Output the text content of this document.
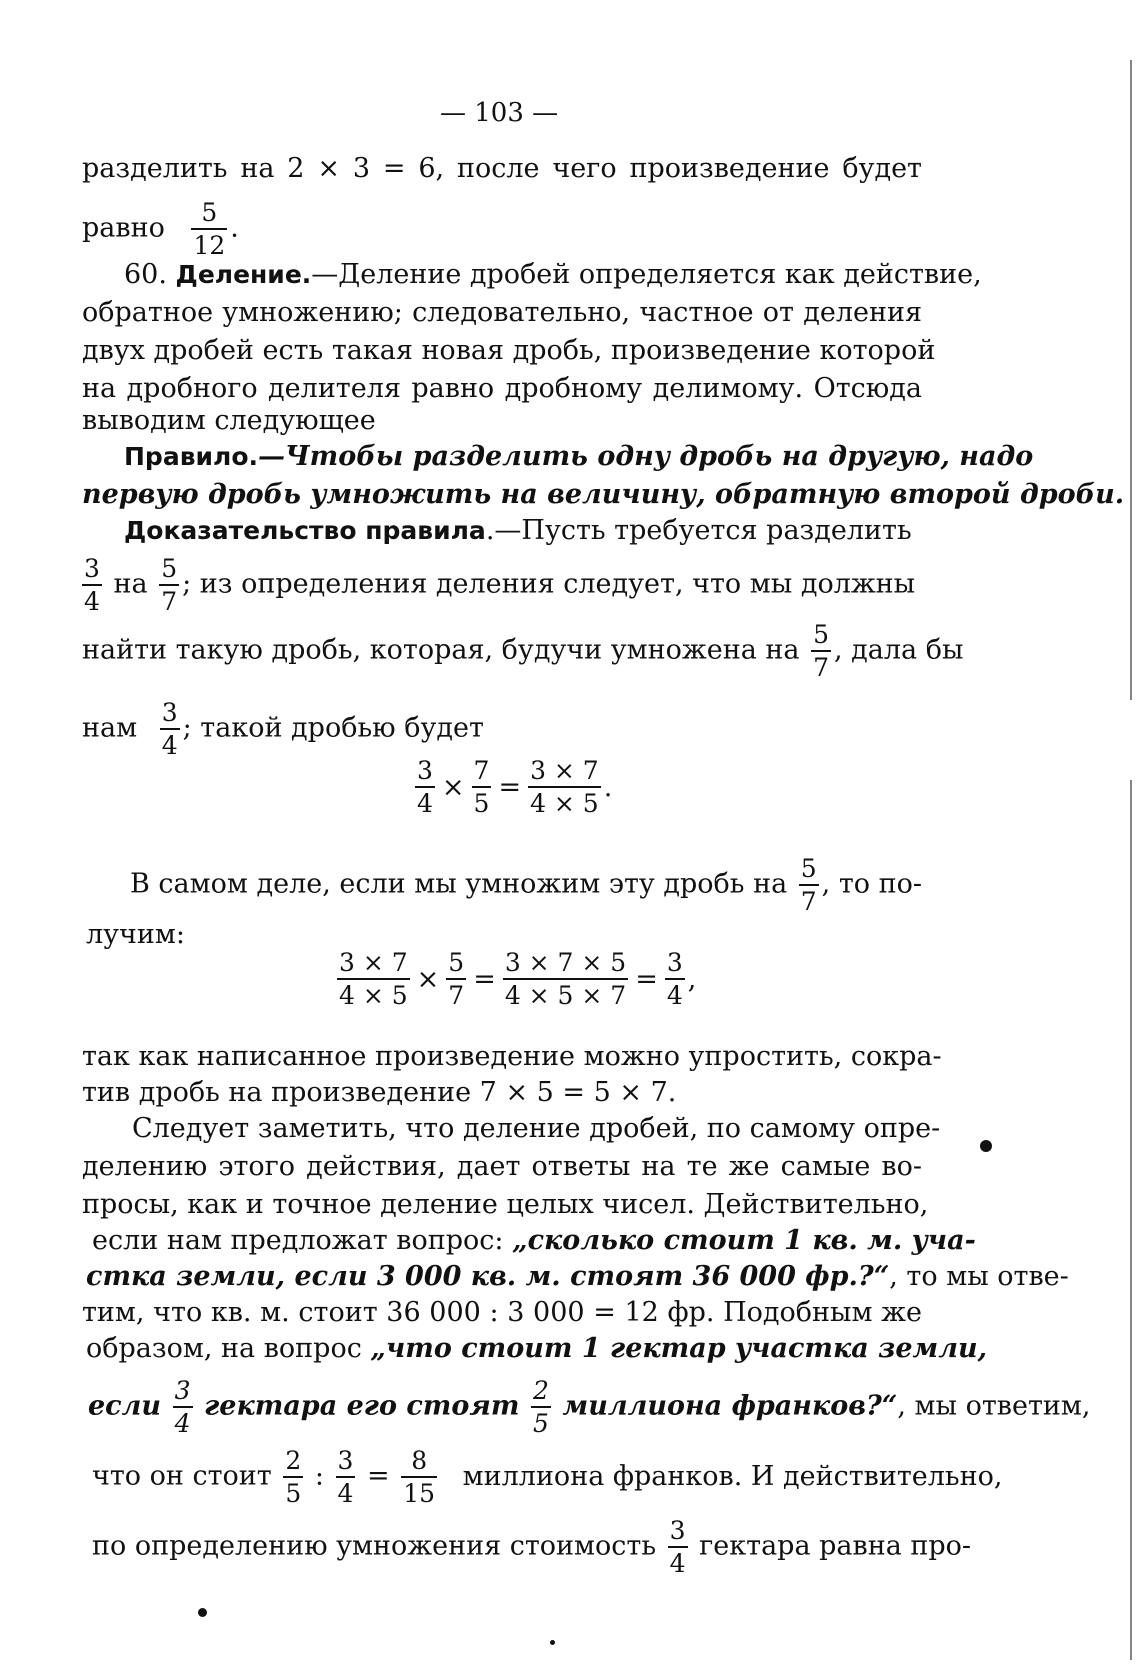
— 103 —
разделить на 2 ⨯ 3 = 6, после чего произведение будет
равно $\frac{5}{12}$ .
60. Деление.—Деление дробей определяется как действие,
обратное умножению; следовательно, частное от деления
двух дробей есть такая новая дробь, произведение которой
на дробного делителя равно дробному делимому. Отсюда
выводим следующее
Правило.—Чтобы разделить одну дробь на другую, надо
первую дробь умножить на величину, обратную второй дроби.
Доказательство правила.—Пусть требуется разделить
$\frac{3}{4}$ на $\frac{5}{7}$ ; из определения деления следует, что мы должны
найти такую дробь, которая, будучи умножена на $\frac{5}{7}$ , дала бы
нам $\frac{3}{4}$ ; такой дробью будет
$\frac{3}{4}$ ⨯ $\frac{7}{5} = \frac{3 ⨯ 7}{4 ⨯ 5}$ .
В самом деле, если мы умножим эту дробь на $\frac{5}{7}$ , то по-
лучим:
$\frac{3 ⨯ 7}{4 ⨯ 5}$ ⨯ $\frac{5}{7} = \frac{3 ⨯ 7 ⨯ 5}{4 ⨯ 5 ⨯ 7} = \frac{3}{4}$ ,
так как написанное произведение можно упростить, сокра-
тив дробь на произведение 7 ⨯ 5 = 5 ⨯ 7.
Следует заметить, что деление дробей, по самому опре-
делению этого действия, дает ответы на те же самые во-
просы, как и точное деление целых чисел. Действительно,
если нам предложат вопрос: „сколько стоит 1 кв. м. уча-
стка земли, если 3 000 кв. м. стоят 36 000 фр.?“, то мы отве-
тим, что кв. м. стоит 36 000 : 3 000 = 12 фр. Подобным же
образом, на вопрос „что стоит 1 гектар участка земли,
если $\frac{3}{4}$ гектара его стоят $\frac{2}{5}$ миллиона франков?“, мы ответим,
что он стоит $\frac{2}{5}$ : $\frac{3}{4} = \frac{8}{15}$ миллиона франков. И действительно,
по определению умножения стоимость $\frac{3}{4}$ гектара равна про-
